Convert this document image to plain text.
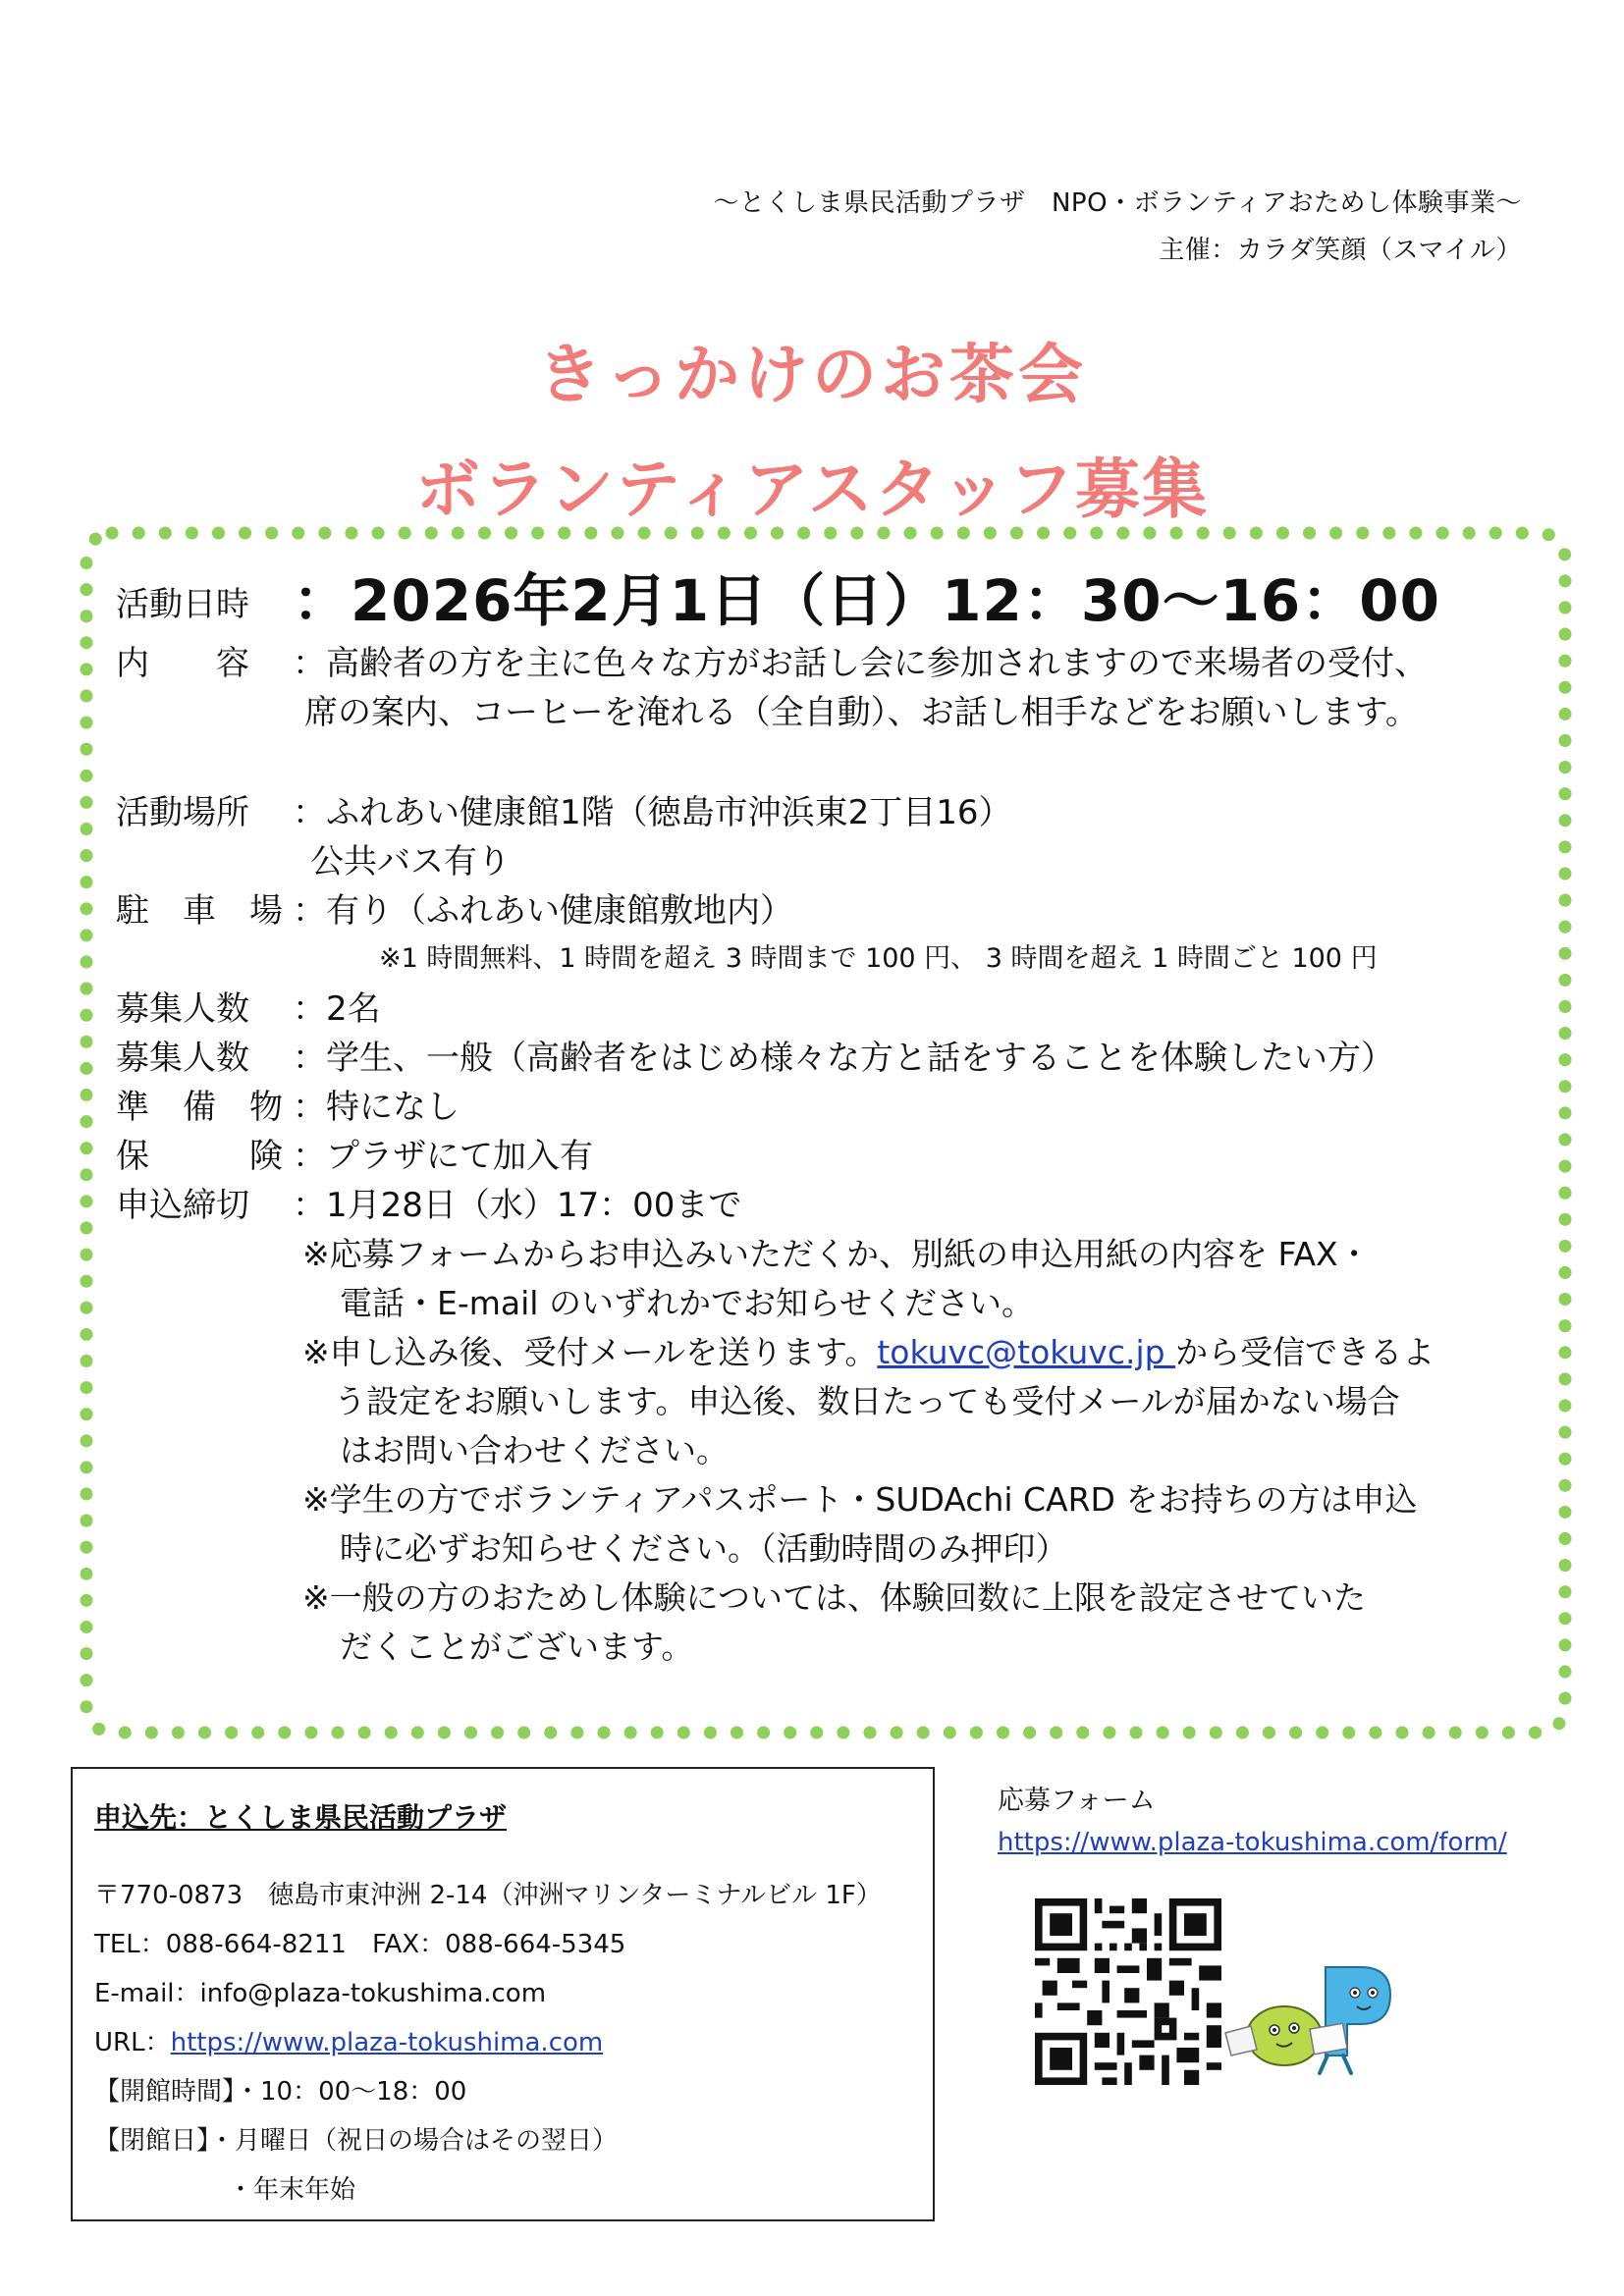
～とくしま県民活動プラザ　NPO・ボランティアおためし体験事業～
主催：カラダ笑顔（スマイル）
きっかけのお茶会
ボランティアスタッフ募集
活動日時 ：2026年2月1日（日）12：30～16：00
内　　容	：高齢者の方を主に色々な方がお話し会に参加されますので来場者の受付、
席の案内、コーヒーを淹れる（全自動）、お話し相手などをお願いします。
活動場所	：ふれあい健康館1階（徳島市沖浜東2丁目16）
公共バス有り
駐　車　場 ：有り（ふれあい健康館敷地内）
※1 時間無料、1 時間を超え 3 時間まで 100 円、 3 時間を超え 1 時間ごと 100 円
募集人数	：2名
募集人数	：学生、一般（高齢者をはじめ様々な方と話をすることを体験したい方）
準　備　物 ：特になし
保　　　険 ：プラザにて加入有
申込締切	：1月28日（水）17：00まで
※応募フォームからお申込みいただくか、別紙の申込用紙の内容を FAX・
電話・E-mail のいずれかでお知らせください。
※申し込み後、受付メールを送ります。tokuvc@tokuvc.jp から受信できるよ
う設定をお願いします。申込後、数日たっても受付メールが届かない場合
はお問い合わせください。
※学生の方でボランティアパスポート・SUDAchi CARD をお持ちの方は申込
時に必ずお知らせください。（活動時間のみ押印）
※一般の方のおためし体験については、体験回数に上限を設定させていた
だくことがございます。
申込先：とくしま県民活動プラザ
〒770-0873　徳島市東沖洲 2-14（沖洲マリンターミナルビル 1F）
TEL：088-664-8211　FAX：088-664-5345
E-mail：info@plaza-tokushima.com
URL：https://www.plaza-tokushima.com
【開館時間】・10：00～18：00
【閉館日】・月曜日（祝日の場合はその翌日）
・年末年始
応募フォーム
https://www.plaza-tokushima.com/form/
